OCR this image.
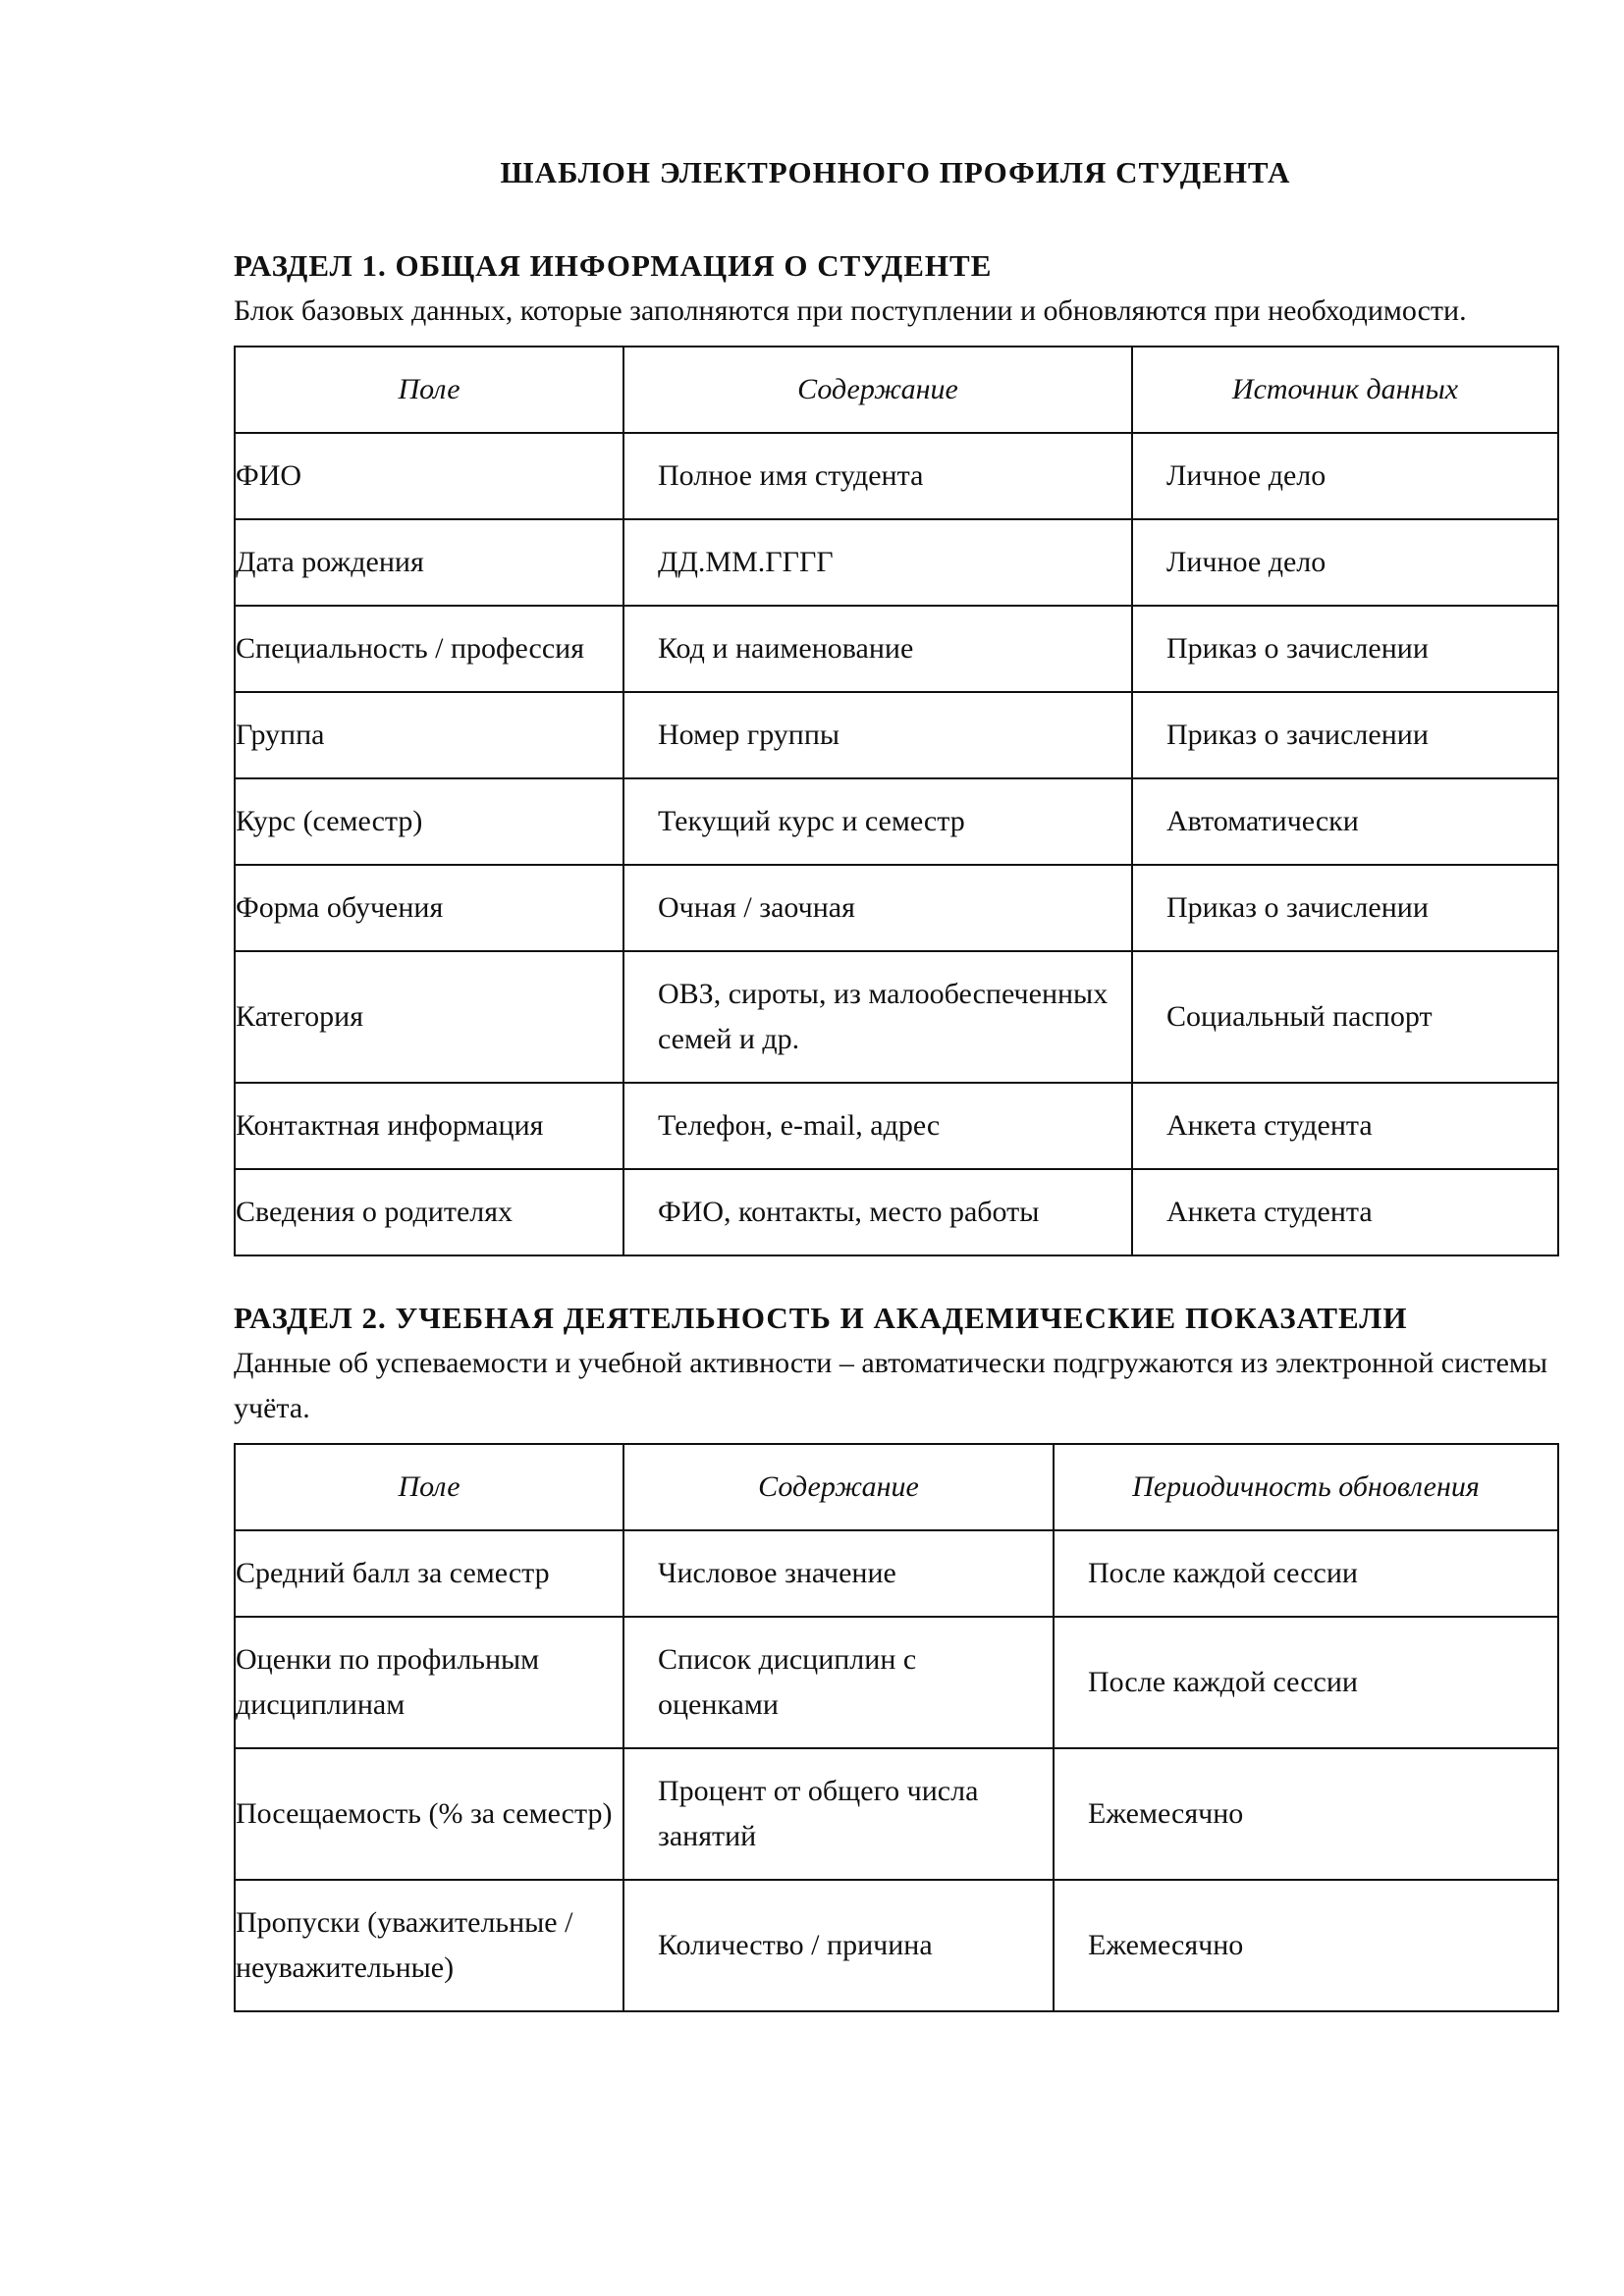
ШАБЛОН ЭЛЕКТРОННОГО ПРОФИЛЯ СТУДЕНТА
РАЗДЕЛ 1. ОБЩАЯ ИНФОРМАЦИЯ О СТУДЕНТЕ

Блок базовых данных, которые заполняются при поступлении и обновляются при необходимости.

Поле	Содержание	Источник данных
ФИО	Полное имя студента	Личное дело
Дата рождения	ДД.ММ.ГГГГ	Личное дело
Специальность / профессия	Код и наименование	Приказ о зачислении
Группа	Номер группы	Приказ о зачислении
Курс (семестр)	Текущий курс и семестр	Автоматически
Форма обучения	Очная / заочная	Приказ о зачислении
Категория	ОВЗ, сироты, из малообеспеченных семей и др.	Социальный паспорт
Контактная информация	Телефон, e-mail, адрес	Анкета студента
Сведения о родителях	ФИО, контакты, место работы	Анкета студента
РАЗДЕЛ 2. УЧЕБНАЯ ДЕЯТЕЛЬНОСТЬ И АКАДЕМИЧЕСКИЕ ПОКАЗАТЕЛИ

Данные об успеваемости и учебной активности – автоматически подгружаются из электронной системы учёта.

Поле	Содержание	Периодичность обновления
Средний балл за семестр	Числовое значение	После каждой сессии
Оценки по профильным дисциплинам	Список дисциплин с оценками	После каждой сессии
Посещаемость (% за семестр)	Процент от общего числа занятий	Ежемесячно
Пропуски (уважительные / неуважительные)	Количество / причина	Ежемесячно
